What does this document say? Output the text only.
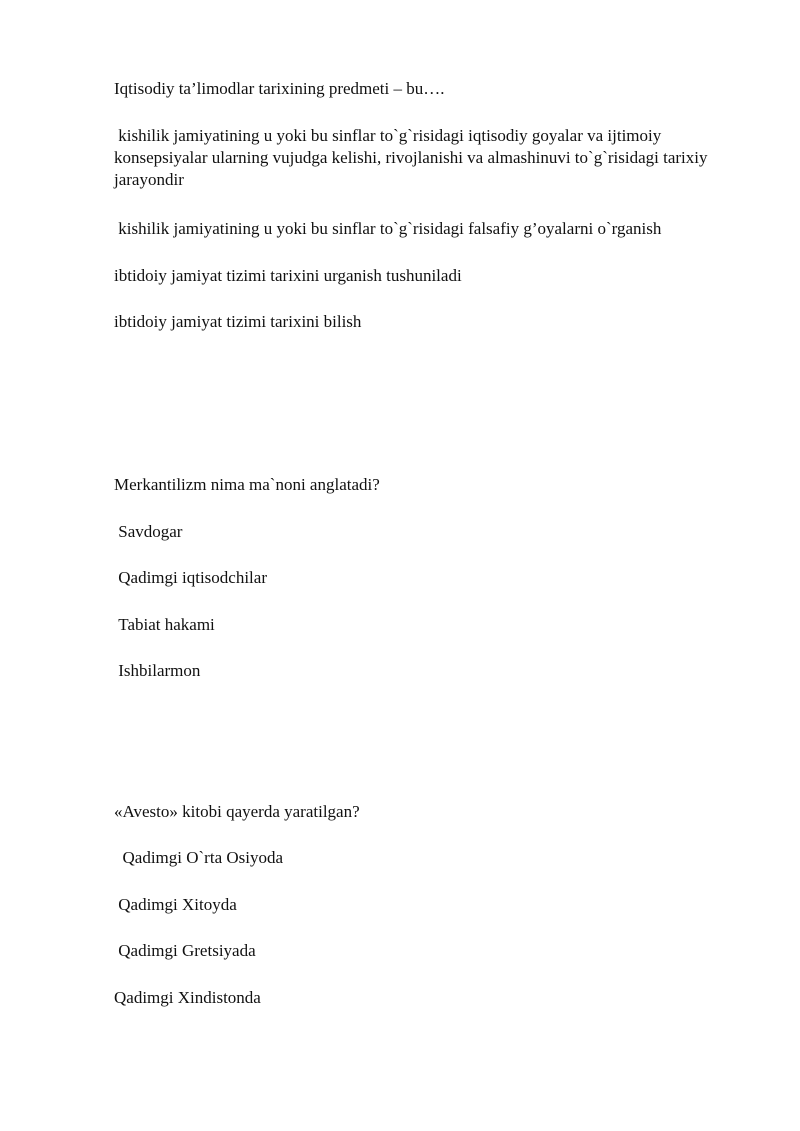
Iqtisodiy ta’limodlar tarixining predmeti – bu….

kishilik jamiyatining u yoki bu sinflar to`g`risidagi iqtisodiy goyalar va ijtimoiy konsepsiyalar ularning vujudga kelishi, rivojlanishi va almashinuvi to`g`risidagi tarixiy jarayondir

kishilik jamiyatining u yoki bu sinflar to`g`risidagi falsafiy g’oyalarni o`rganish

ibtidoiy jamiyat tizimi tarixini urganish tushuniladi

ibtidoiy jamiyat tizimi tarixini bilish

Merkantilizm nima ma`noni anglatadi?

Savdogar

Qadimgi iqtisodchilar

Tabiat hakami

Ishbilarmon

«Avesto» kitobi qayerda yaratilgan?

Qadimgi O`rta Osiyoda

Qadimgi Xitoyda

Qadimgi Gretsiyada

Qadimgi Xindistonda
